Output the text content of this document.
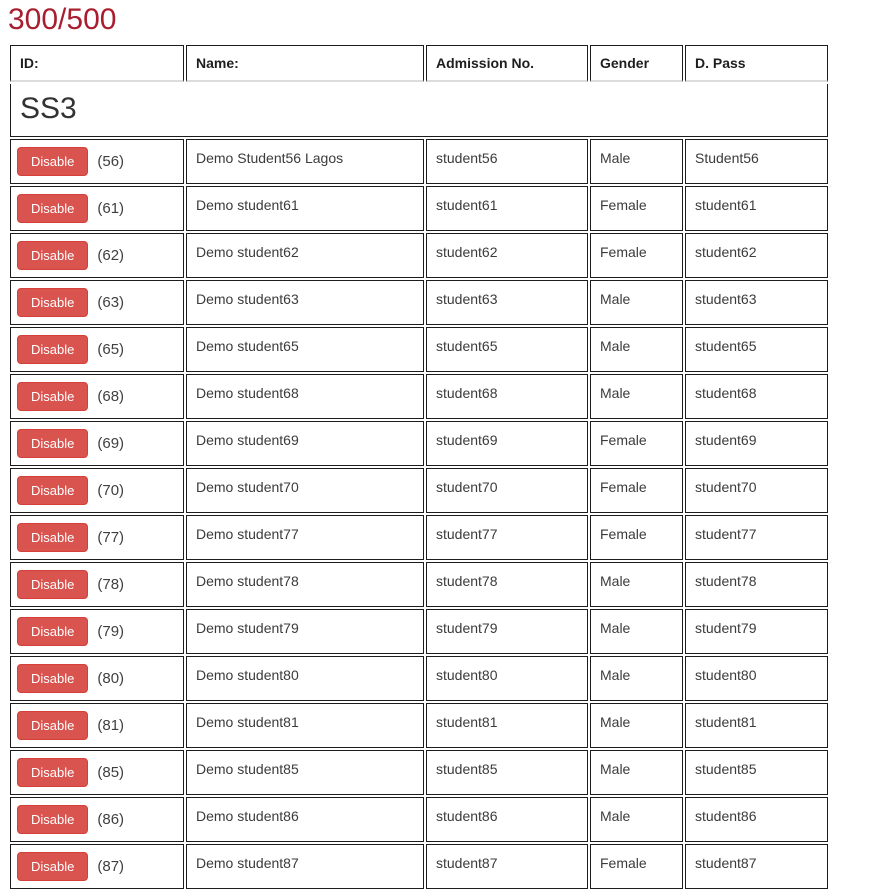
300/500
ID:	Name:	Admission No.	Gender	D. Pass
SS3				

Disable (56)	Demo Student56 Lagos	student56	Male	Student56

Disable (61)	Demo student61	student61	Female	student61

Disable (62)	Demo student62	student62	Female	student62

Disable (63)	Demo student63	student63	Male	student63

Disable (65)	Demo student65	student65	Male	student65

Disable (68)	Demo student68	student68	Male	student68

Disable (69)	Demo student69	student69	Female	student69

Disable (70)	Demo student70	student70	Female	student70

Disable (77)	Demo student77	student77	Female	student77

Disable (78)	Demo student78	student78	Male	student78

Disable (79)	Demo student79	student79	Male	student79

Disable (80)	Demo student80	student80	Male	student80

Disable (81)	Demo student81	student81	Male	student81

Disable (85)	Demo student85	student85	Male	student85

Disable (86)	Demo student86	student86	Male	student86

Disable (87)	Demo student87	student87	Female	student87
